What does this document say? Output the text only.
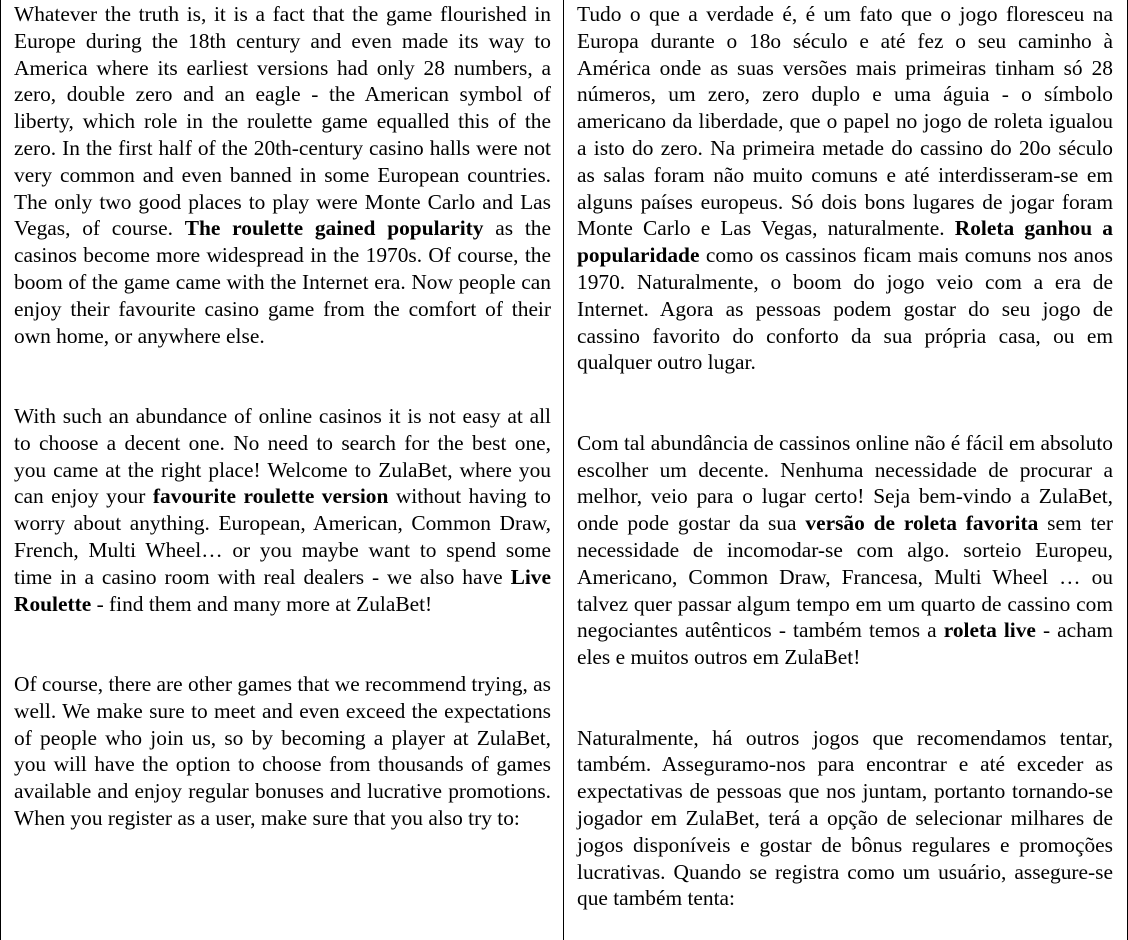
Whatever the truth is, it is a fact that the game flourished in Europe during the 18th century and even made its way to America where its earliest versions had only 28 numbers, a zero, double zero and an eagle - the American symbol of liberty, which role in the roulette game equalled this of the zero. In the first half of the 20th-century casino halls were not very common and even banned in some European countries. The only two good places to play were Monte Carlo and Las Vegas, of course. The roulette gained popularity as the casinos become more widespread in the 1970s. Of course, the boom of the game came with the Internet era. Now people can enjoy their favourite casino game from the comfort of their own home, or anywhere else.

With such an abundance of online casinos it is not easy at all to choose a decent one. No need to search for the best one, you came at the right place! Welcome to ZulaBet, where you can enjoy your favourite roulette version without having to worry about anything. European, American, Common Draw, French, Multi Wheel… or you maybe want to spend some time in a casino room with real dealers - we also have Live Roulette - find them and many more at ZulaBet!

Of course, there are other games that we recommend trying, as well. We make sure to meet and even exceed the expectations of people who join us, so by becoming a player at ZulaBet, you will have the option to choose from thousands of games available and enjoy regular bonuses and lucrative promotions. When you register as a user, make sure that you also try to:

Tudo o que a verdade é, é um fato que o jogo floresceu na Europa durante o 18o século e até fez o seu caminho à América onde as suas versões mais primeiras tinham só 28 números, um zero, zero duplo e uma águia - o símbolo americano da liberdade, que o papel no jogo de roleta igualou a isto do zero. Na primeira metade do cassino do 20o século as salas foram não muito comuns e até interdisseram-se em alguns países europeus. Só dois bons lugares de jogar foram Monte Carlo e Las Vegas, naturalmente. Roleta ganhou a popularidade como os cassinos ficam mais comuns nos anos 1970. Naturalmente, o boom do jogo veio com a era de Internet. Agora as pessoas podem gostar do seu jogo de cassino favorito do conforto da sua própria casa, ou em qualquer outro lugar.

Com tal abundância de cassinos online não é fácil em absoluto escolher um decente. Nenhuma necessidade de procurar a melhor, veio para o lugar certo! Seja bem-vindo a ZulaBet, onde pode gostar da sua versão de roleta favorita sem ter necessidade de incomodar-se com algo. sorteio Europeu, Americano, Common Draw, Francesa, Multi Wheel … ou talvez quer passar algum tempo em um quarto de cassino com negociantes autênticos - também temos a roleta live - acham eles e muitos outros em ZulaBet!

Naturalmente, há outros jogos que recomendamos tentar, também. Asseguramo-nos para encontrar e até exceder as expectativas de pessoas que nos juntam, portanto tornando-se jogador em ZulaBet, terá a opção de selecionar milhares de jogos disponíveis e gostar de bônus regulares e promoções lucrativas. Quando se registra como um usuário, assegure-se que também tenta:
